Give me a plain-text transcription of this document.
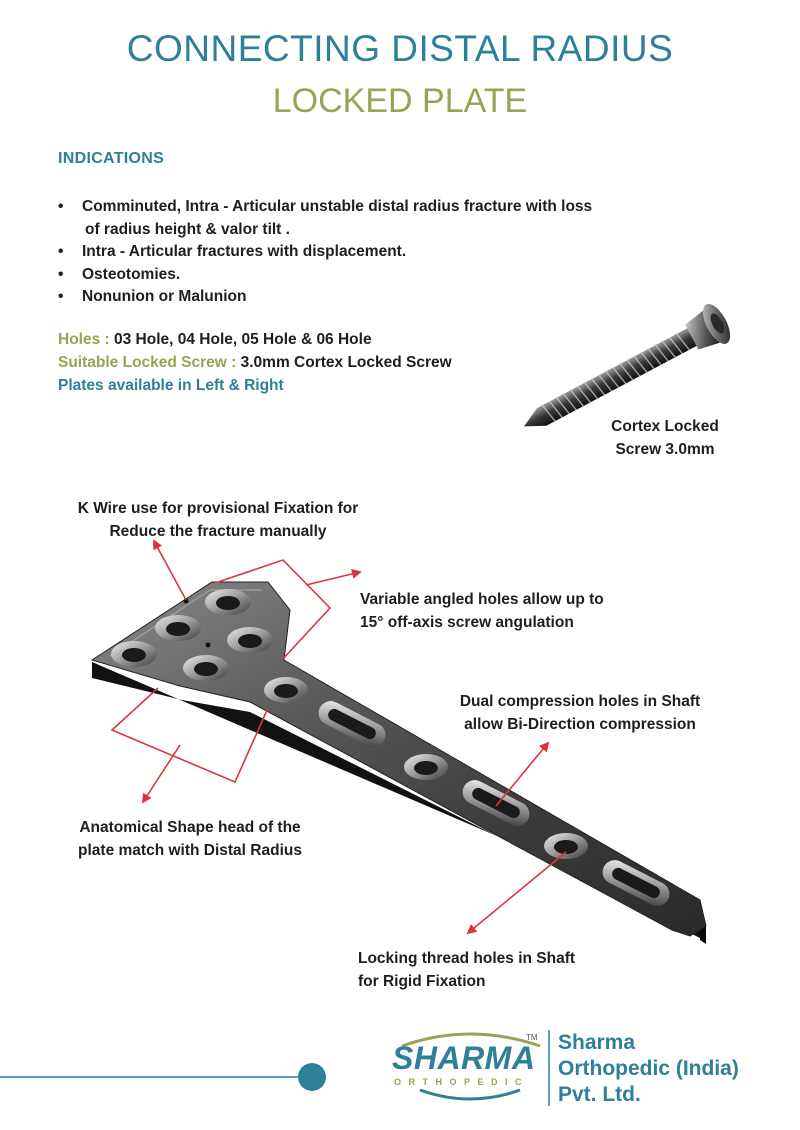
CONNECTING DISTAL RADIUS
LOCKED PLATE
INDICATIONS
• Comminuted, Intra - Articular unstable distal radius fracture with loss
of radius height & valor tilt .
• Intra - Articular fractures with displacement.
• Osteotomies.
• Nonunion or Malunion
Holes : 03 Hole, 04 Hole, 05 Hole & 06 Hole
Suitable Locked Screw : 3.0mm Cortex Locked Screw
Plates available in Left & Right
Cortex Locked
Screw 3.0mm
K Wire use for provisional Fixation for
Reduce the fracture manually
Variable angled holes allow up to
15° off-axis screw angulation
Dual compression holes in Shaft
allow Bi-Direction compression
Anatomical Shape head of the
plate match with Distal Radius
Locking thread holes in Shaft
for Rigid Fixation
SHARMA
TM
ORTHOPEDIC
Sharma
Orthopedic (India)
Pvt. Ltd.
